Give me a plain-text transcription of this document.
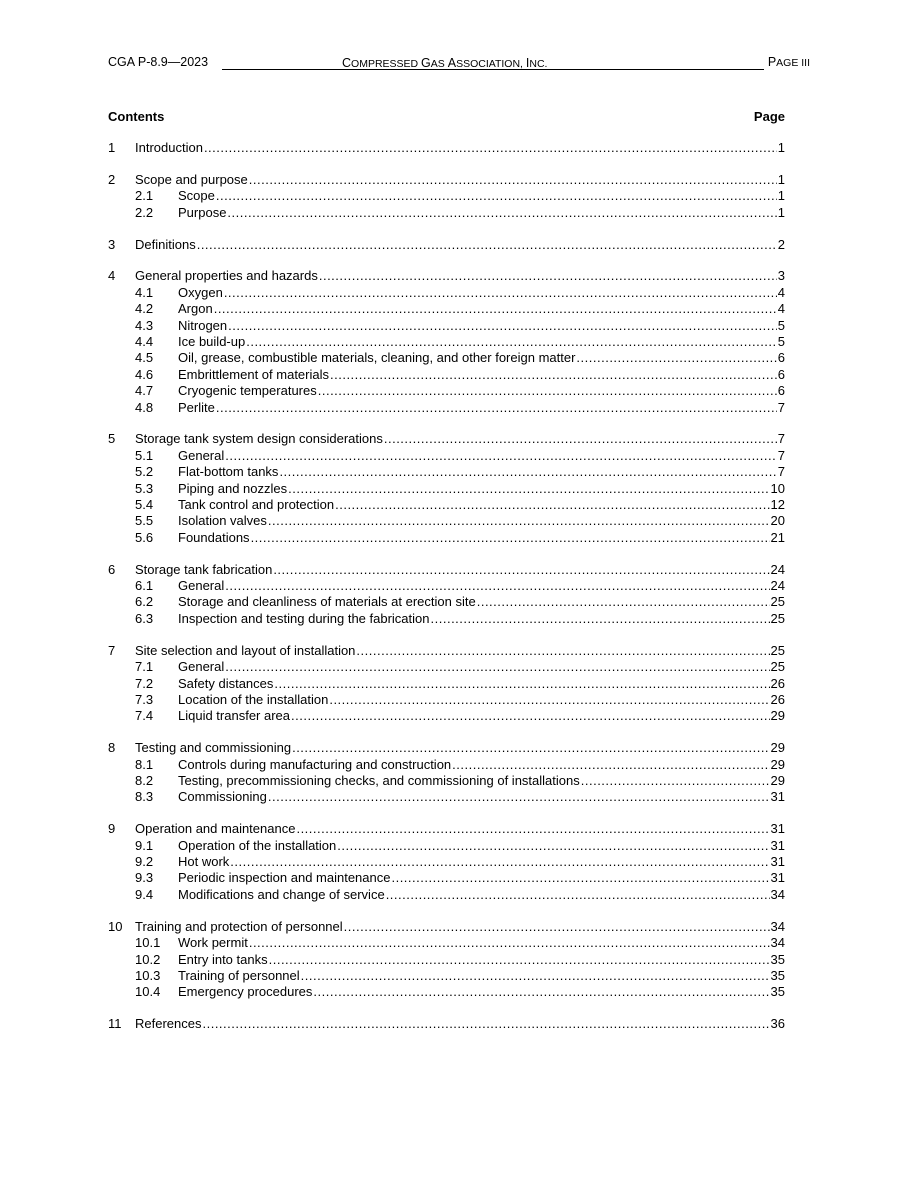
CGA P-8.9—2023	COMPRESSED GAS ASSOCIATION, INC.	PAGE III
Contents	Page
1	Introduction .....	1
2	Scope and purpose .....	1
2.1	Scope .....	1
2.2	Purpose .....	1
3	Definitions .....	2
4	General properties and hazards .....	3
4.1	Oxygen .....	4
4.2	Argon .....	4
4.3	Nitrogen .....	5
4.4	Ice build-up .....	5
4.5	Oil, grease, combustible materials, cleaning, and other foreign matter .....	6
4.6	Embrittlement of materials .....	6
4.7	Cryogenic temperatures .....	6
4.8	Perlite .....	7
5	Storage tank system design considerations .....	7
5.1	General .....	7
5.2	Flat-bottom tanks .....	7
5.3	Piping and nozzles .....	10
5.4	Tank control and protection .....	12
5.5	Isolation valves .....	20
5.6	Foundations .....	21
6	Storage tank fabrication .....	24
6.1	General .....	24
6.2	Storage and cleanliness of materials at erection site .....	25
6.3	Inspection and testing during the fabrication .....	25
7	Site selection and layout of installation .....	25
7.1	General .....	25
7.2	Safety distances .....	26
7.3	Location of the installation .....	26
7.4	Liquid transfer area .....	29
8	Testing and commissioning .....	29
8.1	Controls during manufacturing and construction .....	29
8.2	Testing, precommissioning checks, and commissioning of installations .....	29
8.3	Commissioning .....	31
9	Operation and maintenance .....	31
9.1	Operation of the installation .....	31
9.2	Hot work .....	31
9.3	Periodic inspection and maintenance .....	31
9.4	Modifications and change of service .....	34
10 Training and protection of personnel .....	34
10.1	Work permit .....	34
10.2	Entry into tanks .....	35
10.3	Training of personnel .....	35
10.4	Emergency procedures .....	35
11	References .....	36
